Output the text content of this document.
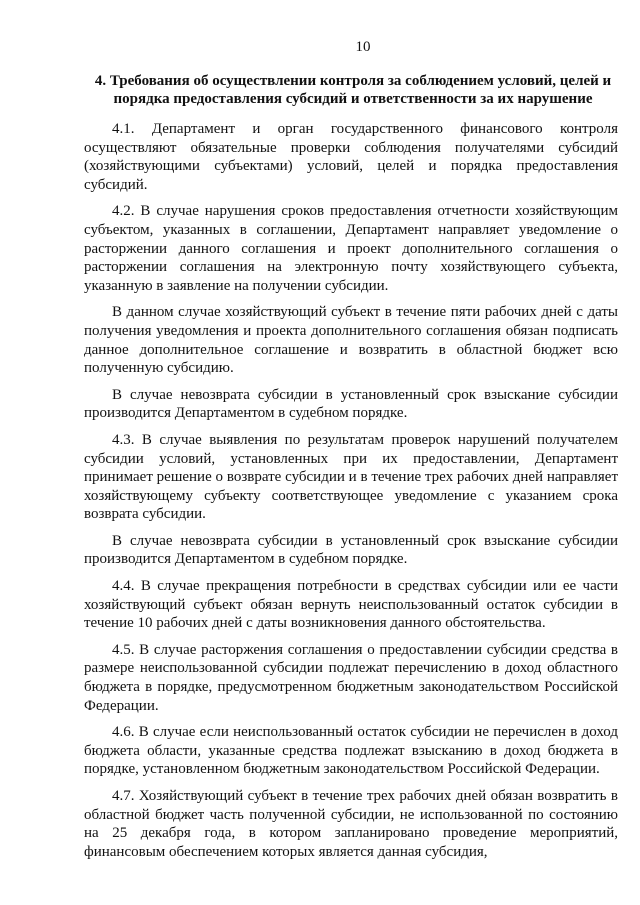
10
4. Требования об осуществлении контроля за соблюдением условий, целей и порядка предоставления субсидий и ответственности за их нарушение

4.1. Департамент и орган государственного финансового контроля осуществляют обязательные проверки соблюдения получателями субсидий (хозяйствующими субъектами) условий, целей и порядка предоставления субсидий.

4.2. В случае нарушения сроков предоставления отчетности хозяйствующим субъектом, указанных в соглашении, Департамент направляет уведомление о расторжении данного соглашения и проект дополнительного соглашения о расторжении соглашения на электронную почту хозяйствующего субъекта, указанную в заявление на получении субсидии.

В данном случае хозяйствующий субъект в течение пяти рабочих дней с даты получения уведомления и проекта дополнительного соглашения обязан подписать данное дополнительное соглашение и возвратить в областной бюджет всю полученную субсидию.

В случае невозврата субсидии в установленный срок взыскание субсидии производится Департаментом в судебном порядке.

4.3. В случае выявления по результатам проверок нарушений получателем субсидии условий, установленных при их предоставлении, Департамент принимает решение о возврате субсидии и в течение трех рабочих дней направляет хозяйствующему субъекту соответствующее уведомление с указанием срока возврата субсидии.

В случае невозврата субсидии в установленный срок взыскание субсидии производится Департаментом в судебном порядке.

4.4. В случае прекращения потребности в средствах субсидии или ее части хозяйствующий субъект обязан вернуть неиспользованный остаток субсидии в течение 10 рабочих дней с даты возникновения данного обстоятельства.

4.5. В случае расторжения соглашения о предоставлении субсидии средства в размере неиспользованной субсидии подлежат перечислению в доход областного бюджета в порядке, предусмотренном бюджетным законодательством Российской Федерации.

4.6. В случае если неиспользованный остаток субсидии не перечислен в доход бюджета области, указанные средства подлежат взысканию в доход бюджета в порядке, установленном бюджетным законодательством Российской Федерации.

4.7. Хозяйствующий субъект в течение трех рабочих дней обязан возвратить в областной бюджет часть полученной субсидии, не использованной по состоянию на 25 декабря года, в котором запланировано проведение мероприятий, финансовым обеспечением которых является данная субсидия,
